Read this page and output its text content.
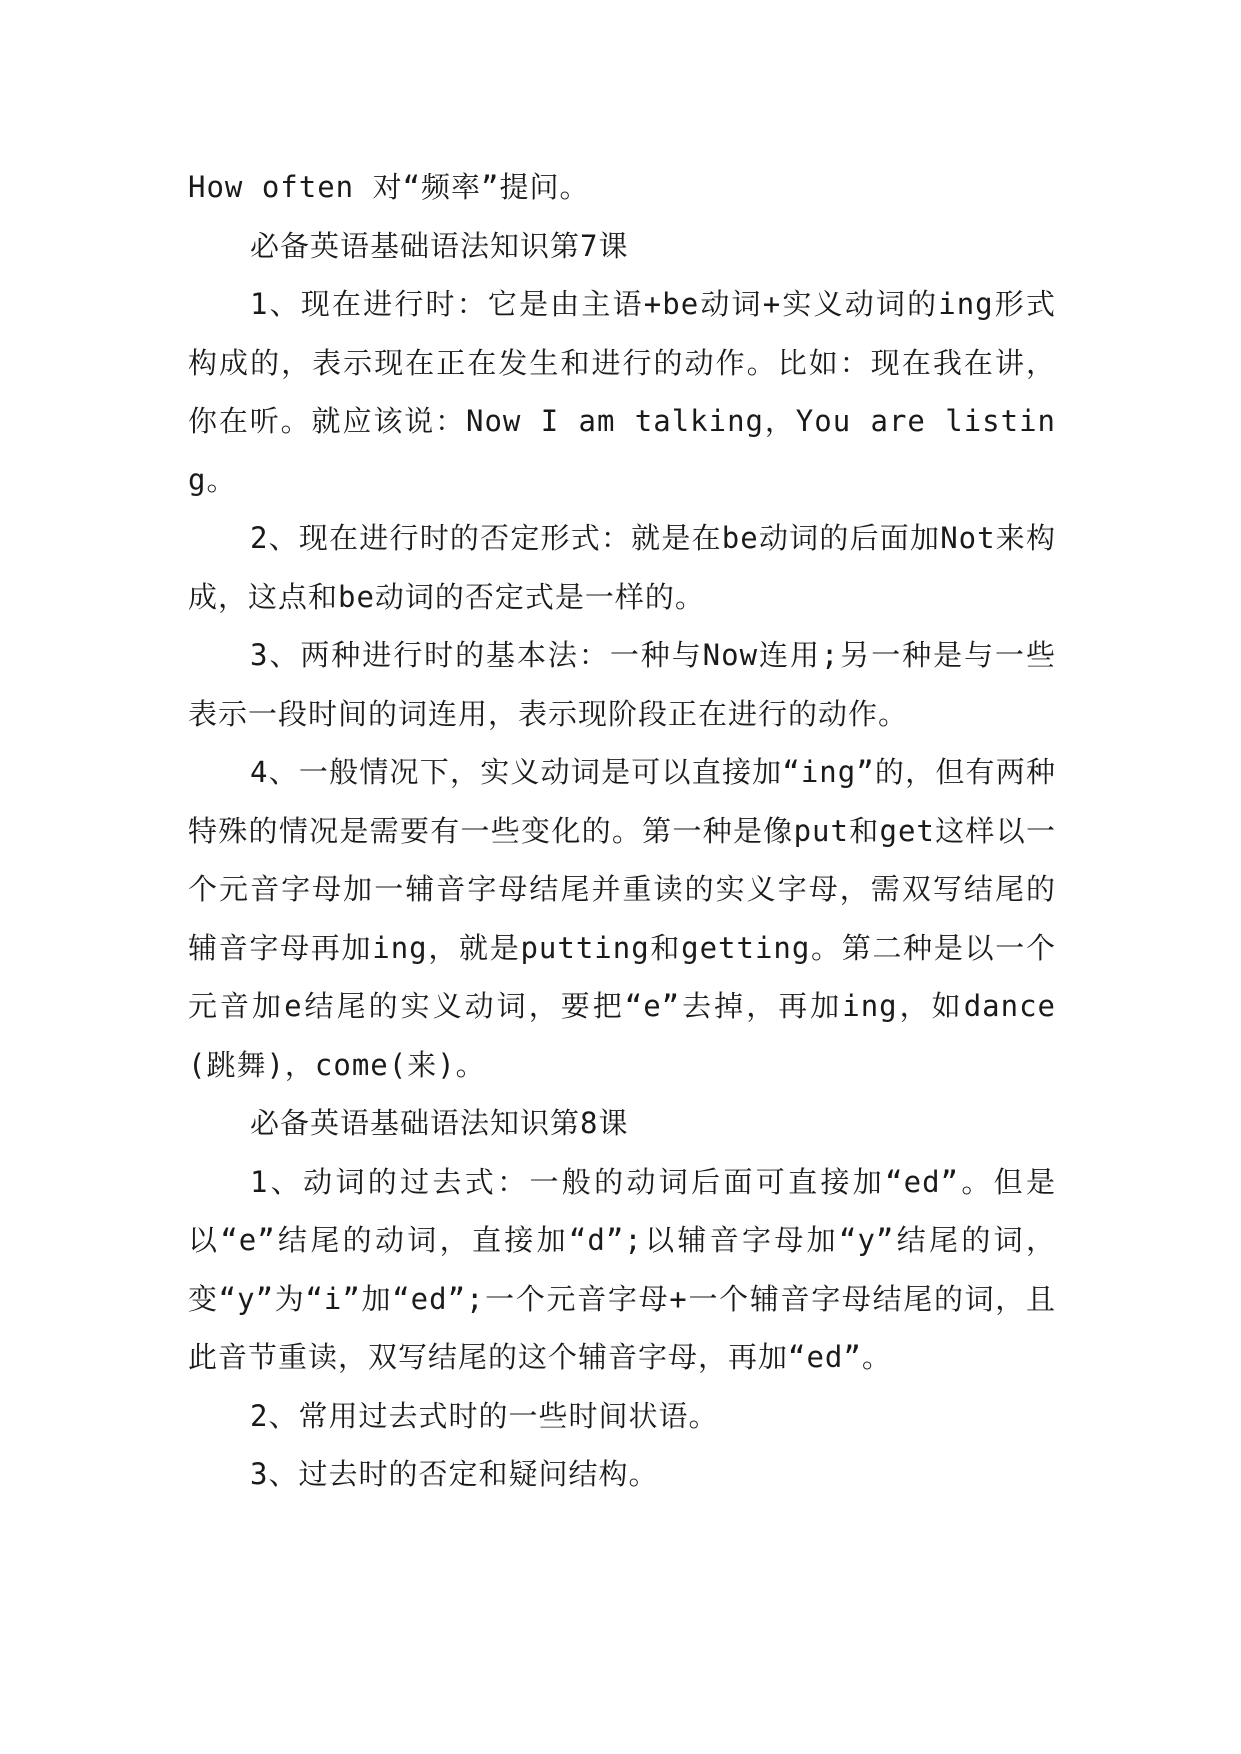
How often 对“频率”提问。

必备英语基础语法知识第7课

1、现在进行时：它是由主语+be动词+实义动词的ing形式构成的，表示现在正在发生和进行的动作。比如：现在我在讲，你在听。就应该说：Now I am talking，You are listing。

2、现在进行时的否定形式：就是在be动词的后面加Not来构成，这点和be动词的否定式是一样的。

3、两种进行时的基本法：一种与Now连用;另一种是与一些表示一段时间的词连用，表示现阶段正在进行的动作。

4、一般情况下，实义动词是可以直接加“ing”的，但有两种特殊的情况是需要有一些变化的。第一种是像put和get这样以一个元音字母加一辅音字母结尾并重读的实义字母，需双写结尾的辅音字母再加ing，就是putting和getting。第二种是以一个元音加e结尾的实义动词，要把“e”去掉，再加ing，如dance(跳舞)，come(来)。

必备英语基础语法知识第8课

1、动词的过去式：一般的动词后面可直接加“ed”。但是以“e”结尾的动词，直接加“d”;以辅音字母加“y”结尾的词，变“y”为“i”加“ed”;一个元音字母+一个辅音字母结尾的词，且此音节重读，双写结尾的这个辅音字母，再加“ed”。

2、常用过去式时的一些时间状语。

3、过去时的否定和疑问结构。
